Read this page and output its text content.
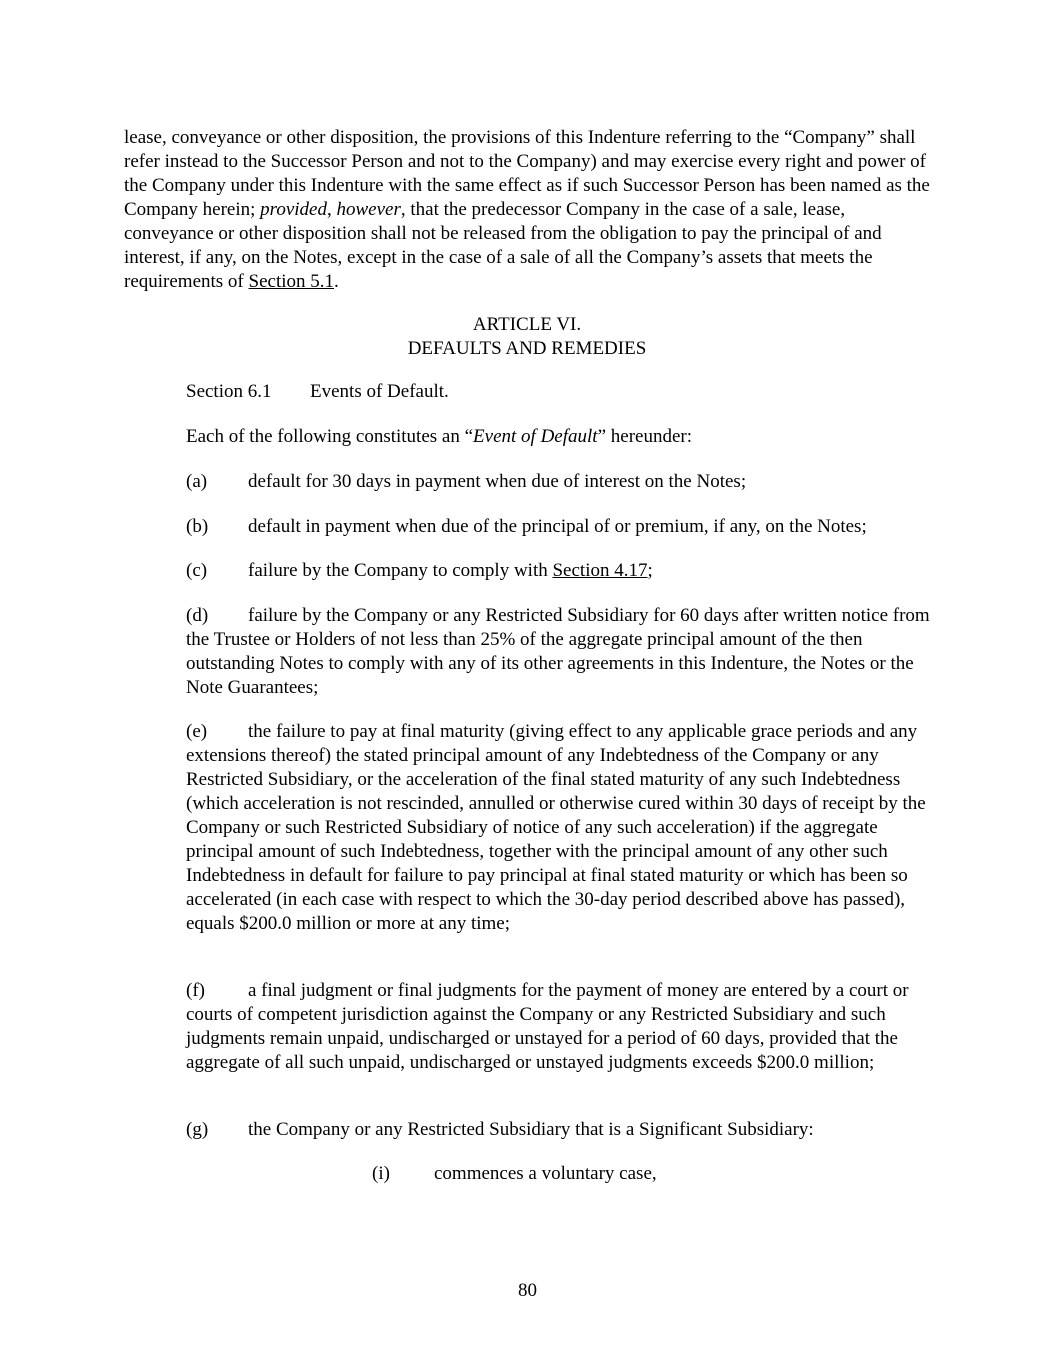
lease, conveyance or other disposition, the provisions of this Indenture referring to the “Company” shall refer instead to the Successor Person and not to the Company) and may exercise every right and power of the Company under this Indenture with the same effect as if such Successor Person has been named as the Company herein; provided, however, that the predecessor Company in the case of a sale, lease, conveyance or other disposition shall not be released from the obligation to pay the principal of and interest, if any, on the Notes, except in the case of a sale of all the Company’s assets that meets the requirements of Section 5.1.
ARTICLE VI.
DEFAULTS AND REMEDIES
Section 6.1 Events of Default.
Each of the following constitutes an “Event of Default” hereunder:
(a) default for 30 days in payment when due of interest on the Notes;
(b) default in payment when due of the principal of or premium, if any, on the Notes;
(c) failure by the Company to comply with Section 4.17;
(d) failure by the Company or any Restricted Subsidiary for 60 days after written notice from the Trustee or Holders of not less than 25% of the aggregate principal amount of the then outstanding Notes to comply with any of its other agreements in this Indenture, the Notes or the Note Guarantees;
(e) the failure to pay at final maturity (giving effect to any applicable grace periods and any extensions thereof) the stated principal amount of any Indebtedness of the Company or any Restricted Subsidiary, or the acceleration of the final stated maturity of any such Indebtedness (which acceleration is not rescinded, annulled or otherwise cured within 30 days of receipt by the Company or such Restricted Subsidiary of notice of any such acceleration) if the aggregate principal amount of such Indebtedness, together with the principal amount of any other such Indebtedness in default for failure to pay principal at final stated maturity or which has been so accelerated (in each case with respect to which the 30-day period described above has passed), equals $200.0 million or more at any time;
(f) a final judgment or final judgments for the payment of money are entered by a court or courts of competent jurisdiction against the Company or any Restricted Subsidiary and such judgments remain unpaid, undischarged or unstayed for a period of 60 days, provided that the aggregate of all such unpaid, undischarged or unstayed judgments exceeds $200.0 million;
(g) the Company or any Restricted Subsidiary that is a Significant Subsidiary:
(i) commences a voluntary case,
80
